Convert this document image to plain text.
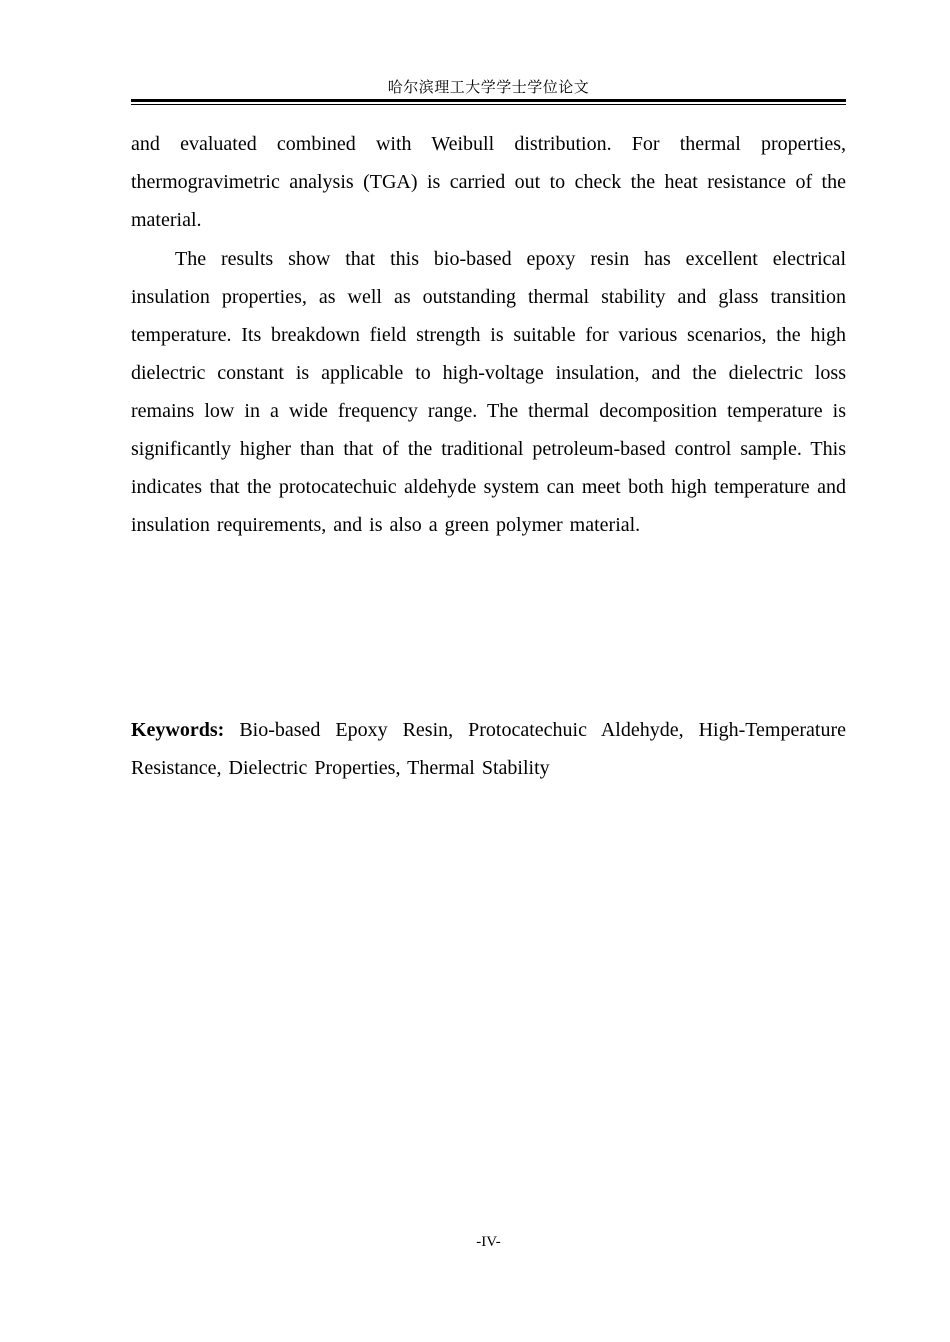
哈尔滨理工大学学士学位论文

and evaluated combined with Weibull distribution. For thermal properties, thermogravimetric analysis (TGA) is carried out to check the heat resistance of the material.

The results show that this bio-based epoxy resin has excellent electrical insulation properties, as well as outstanding thermal stability and glass transition temperature. Its breakdown field strength is suitable for various scenarios, the high dielectric constant is applicable to high-voltage insulation, and the dielectric loss remains low in a wide frequency range. The thermal decomposition temperature is significantly higher than that of the traditional petroleum-based control sample. This indicates that the protocatechuic aldehyde system can meet both high temperature and insulation requirements, and is also a green polymer material.

Keywords: Bio-based Epoxy Resin, Protocatechuic Aldehyde, High-Temperature Resistance, Dielectric Properties, Thermal Stability

-IV-
